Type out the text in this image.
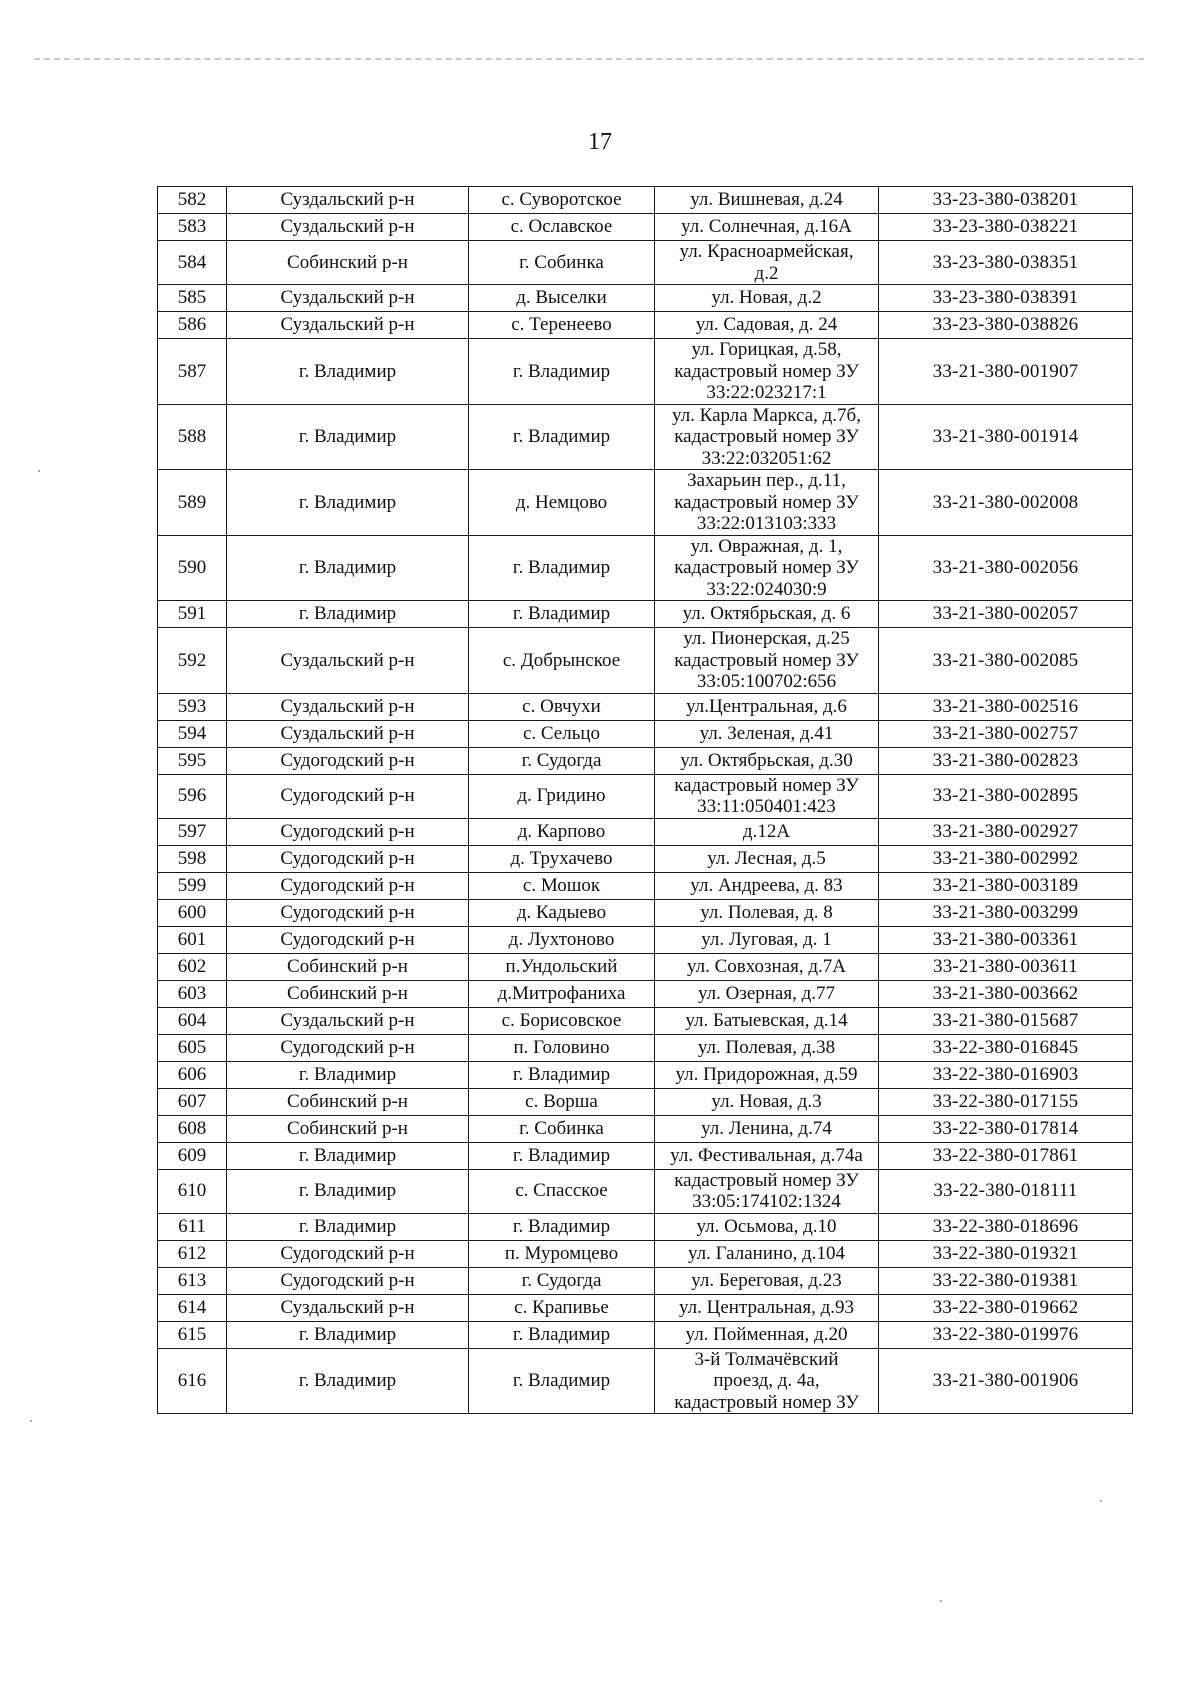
17
582	Суздальский р-н	с. Суворотское	ул. Вишневая, д.24	33-23-380-038201
583	Суздальский р-н	с. Ославское	ул. Солнечная, д.16А	33-23-380-038221
584	Собинский р-н	г. Собинка	ул. Красноармейская,
д.2	33-23-380-038351
585	Суздальский р-н	д. Выселки	ул. Новая, д.2	33-23-380-038391
586	Суздальский р-н	с. Теренеево	ул. Садовая, д. 24	33-23-380-038826
587	г. Владимир	г. Владимир	ул. Горицкая, д.58,
кадастровый номер ЗУ
33:22:023217:1	33-21-380-001907
588	г. Владимир	г. Владимир	ул. Карла Маркса, д.7б,
кадастровый номер ЗУ
33:22:032051:62	33-21-380-001914
589	г. Владимир	д. Немцово	Захарьин пер., д.11,
кадастровый номер ЗУ
33:22:013103:333	33-21-380-002008
590	г. Владимир	г. Владимир	ул. Овражная, д. 1,
кадастровый номер ЗУ
33:22:024030:9	33-21-380-002056
591	г. Владимир	г. Владимир	ул. Октябрьская, д. 6	33-21-380-002057
592	Суздальский р-н	с. Добрынское	ул. Пионерская, д.25
кадастровый номер ЗУ
33:05:100702:656	33-21-380-002085
593	Суздальский р-н	с. Овчухи	ул.Центральная, д.6	33-21-380-002516
594	Суздальский р-н	с. Сельцо	ул. Зеленая, д.41	33-21-380-002757
595	Судогодский р-н	г. Судогда	ул. Октябрьская, д.30	33-21-380-002823
596	Судогодский р-н	д. Гридино	кадастровый номер ЗУ
33:11:050401:423	33-21-380-002895
597	Судогодский р-н	д. Карпово	д.12А	33-21-380-002927
598	Судогодский р-н	д. Трухачево	ул. Лесная, д.5	33-21-380-002992
599	Судогодский р-н	с. Мошок	ул. Андреева, д. 83	33-21-380-003189
600	Судогодский р-н	д. Кадыево	ул. Полевая, д. 8	33-21-380-003299
601	Судогодский р-н	д. Лухтоново	ул. Луговая, д. 1	33-21-380-003361
602	Собинский р-н	п.Ундольский	ул. Совхозная, д.7А	33-21-380-003611
603	Собинский р-н	д.Митрофаниха	ул. Озерная, д.77	33-21-380-003662
604	Суздальский р-н	с. Борисовское	ул. Батыевская, д.14	33-21-380-015687
605	Судогодский р-н	п. Головино	ул. Полевая, д.38	33-22-380-016845
606	г. Владимир	г. Владимир	ул. Придорожная, д.59	33-22-380-016903
607	Собинский р-н	с. Ворша	ул. Новая, д.3	33-22-380-017155
608	Собинский р-н	г. Собинка	ул. Ленина, д.74	33-22-380-017814
609	г. Владимир	г. Владимир	ул. Фестивальная, д.74а	33-22-380-017861
610	г. Владимир	с. Спасское	кадастровый номер ЗУ
33:05:174102:1324	33-22-380-018111
611	г. Владимир	г. Владимир	ул. Осьмова, д.10	33-22-380-018696
612	Судогодский р-н	п. Муромцево	ул. Галанино, д.104	33-22-380-019321
613	Судогодский р-н	г. Судогда	ул. Береговая, д.23	33-22-380-019381
614	Суздальский р-н	с. Крапивье	ул. Центральная, д.93	33-22-380-019662
615	г. Владимир	г. Владимир	ул. Пойменная, д.20	33-22-380-019976
616	г. Владимир	г. Владимир	3-й Толмачёвский
проезд, д. 4а,
кадастровый номер ЗУ	33-21-380-001906
